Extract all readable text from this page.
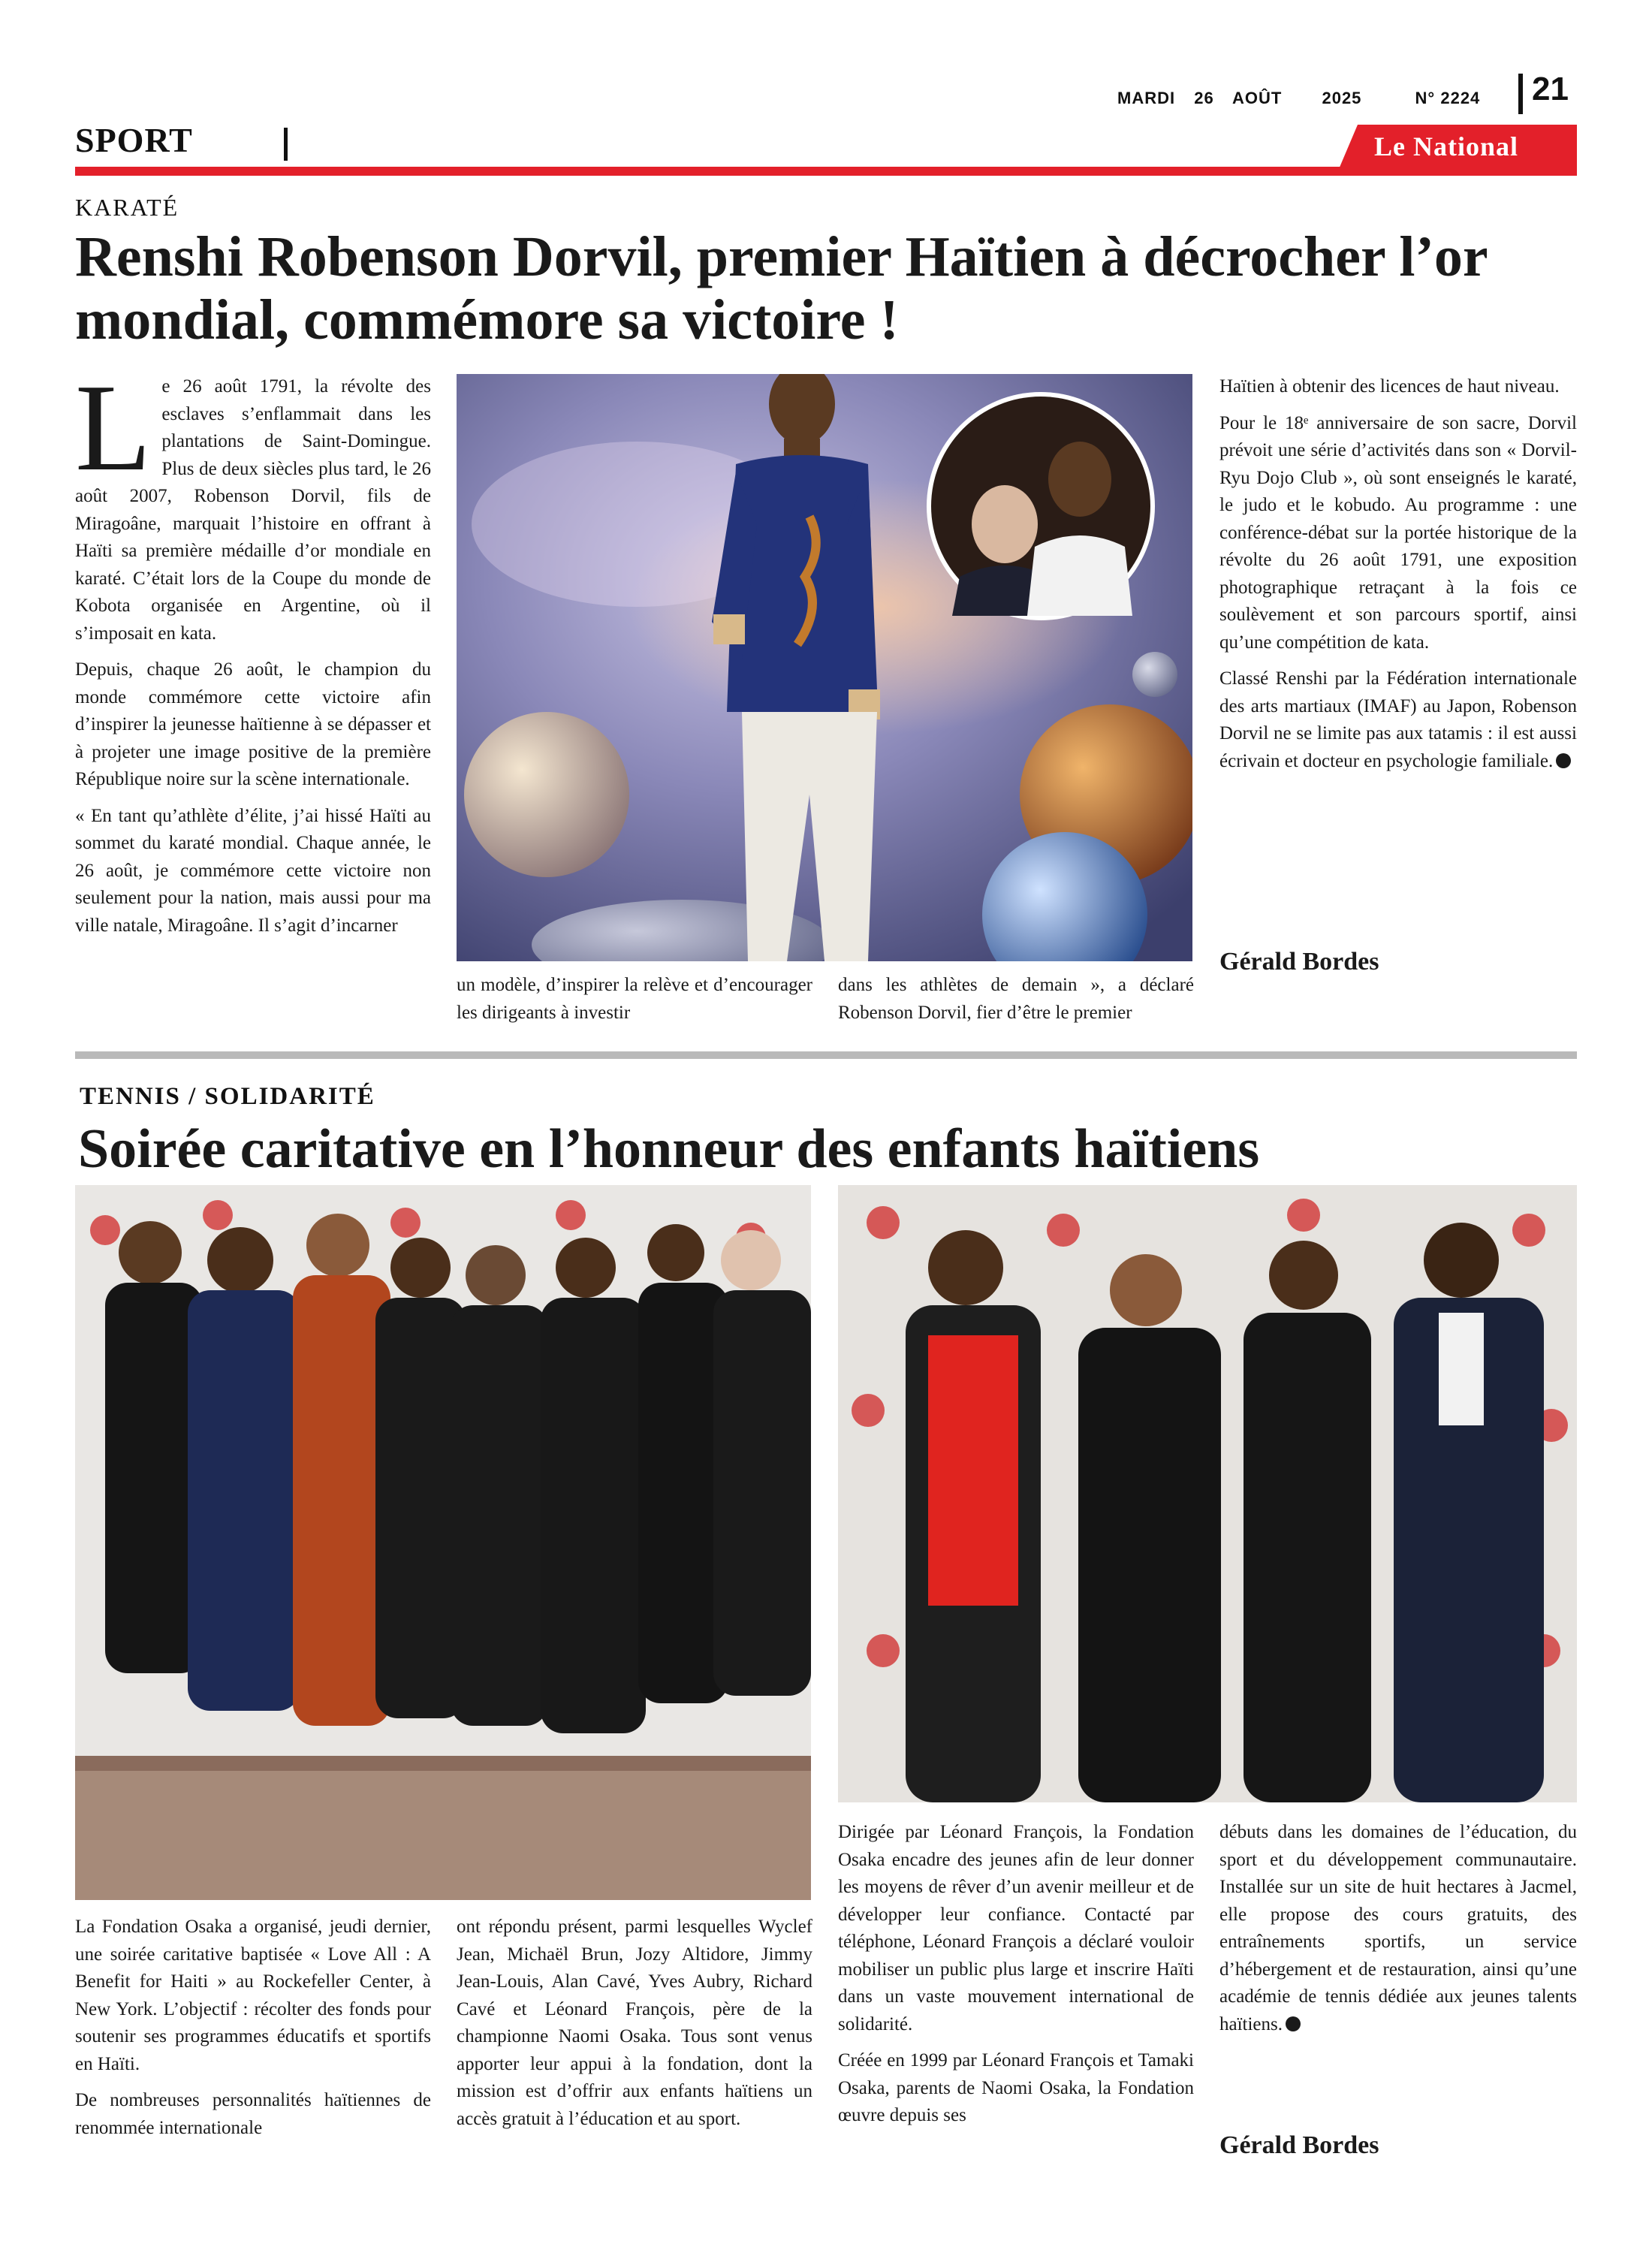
MARDI 26 AOÛT 2025	N° 2224	21
SPORT	Le National
KARATÉ
Renshi Robenson Dorvil, premier Haïtien à décrocher l’or mondial, commémore sa victoire !

Le 26 août 1791, la révolte des esclaves s’enflammait dans les plantations de Saint-Domingue. Plus de deux siècles plus tard, le 26 août 2007, Robenson Dorvil, fils de Miragoâne, marquait l’histoire en offrant à Haïti sa première médaille d’or mondiale en karaté. C’était lors de la Coupe du monde de Kobota organisée en Argentine, où il s’imposait en kata.

Depuis, chaque 26 août, le champion du monde commémore cette victoire afin d’inspirer la jeunesse haïtienne à se dépasser et à projeter une image positive de la première République noire sur la scène internationale.

« En tant qu’athlète d’élite, j’ai hissé Haïti au sommet du karaté mondial. Chaque année, le 26 août, je commémore cette victoire non seulement pour la nation, mais aussi pour ma ville natale, Miragoâne. Il s’agit d’incarner

un modèle, d’inspirer la relève et d’encourager les dirigeants à investir

dans les athlètes de demain », a déclaré Robenson Dorvil, fier d’être le premier

Haïtien à obtenir des licences de haut niveau.

Pour le 18ᵉ anniversaire de son sacre, Dorvil prévoit une série d’activités dans son « Dorvil-Ryu Dojo Club », où sont enseignés le karaté, le judo et le kobudo. Au programme : une conférence-débat sur la portée historique de la révolte du 26 août 1791, une exposition photographique retraçant à la fois ce soulèvement et son parcours sportif, ainsi qu’une compétition de kata.

Classé Renshi par la Fédération internationale des arts martiaux (IMAF) au Japon, Robenson Dorvil ne se limite pas aux tatamis : il est aussi écrivain et docteur en psychologie familiale.

Gérald Bordes
TENNIS / SOLIDARITÉ
Soirée caritative en l’honneur des enfants haïtiens

La Fondation Osaka a organisé, jeudi dernier, une soirée caritative baptisée « Love All : A Benefit for Haiti » au Rockefeller Center, à New York. L’objectif : récolter des fonds pour soutenir ses programmes éducatifs et sportifs en Haïti.

De nombreuses personnalités haïtiennes de renommée internationale

ont répondu présent, parmi lesquelles Wyclef Jean, Michaël Brun, Jozy Altidore, Jimmy Jean-Louis, Alan Cavé, Yves Aubry, Richard Cavé et Léonard François, père de la championne Naomi Osaka. Tous sont venus apporter leur appui à la fondation, dont la mission est d’offrir aux enfants haïtiens un accès gratuit à l’éducation et au sport.

Dirigée par Léonard François, la Fondation Osaka encadre des jeunes afin de leur donner les moyens de rêver d’un avenir meilleur et de développer leur confiance. Contacté par téléphone, Léonard François a déclaré vouloir mobiliser un public plus large et inscrire Haïti dans un vaste mouvement international de solidarité.

Créée en 1999 par Léonard François et Tamaki Osaka, parents de Naomi Osaka, la Fondation œuvre depuis ses

débuts dans les domaines de l’éducation, du sport et du développement communautaire. Installée sur un site de huit hectares à Jacmel, elle propose des cours gratuits, des entraînements sportifs, un service d’hébergement et de restauration, ainsi qu’une académie de tennis dédiée aux jeunes talents haïtiens.

Gérald Bordes
